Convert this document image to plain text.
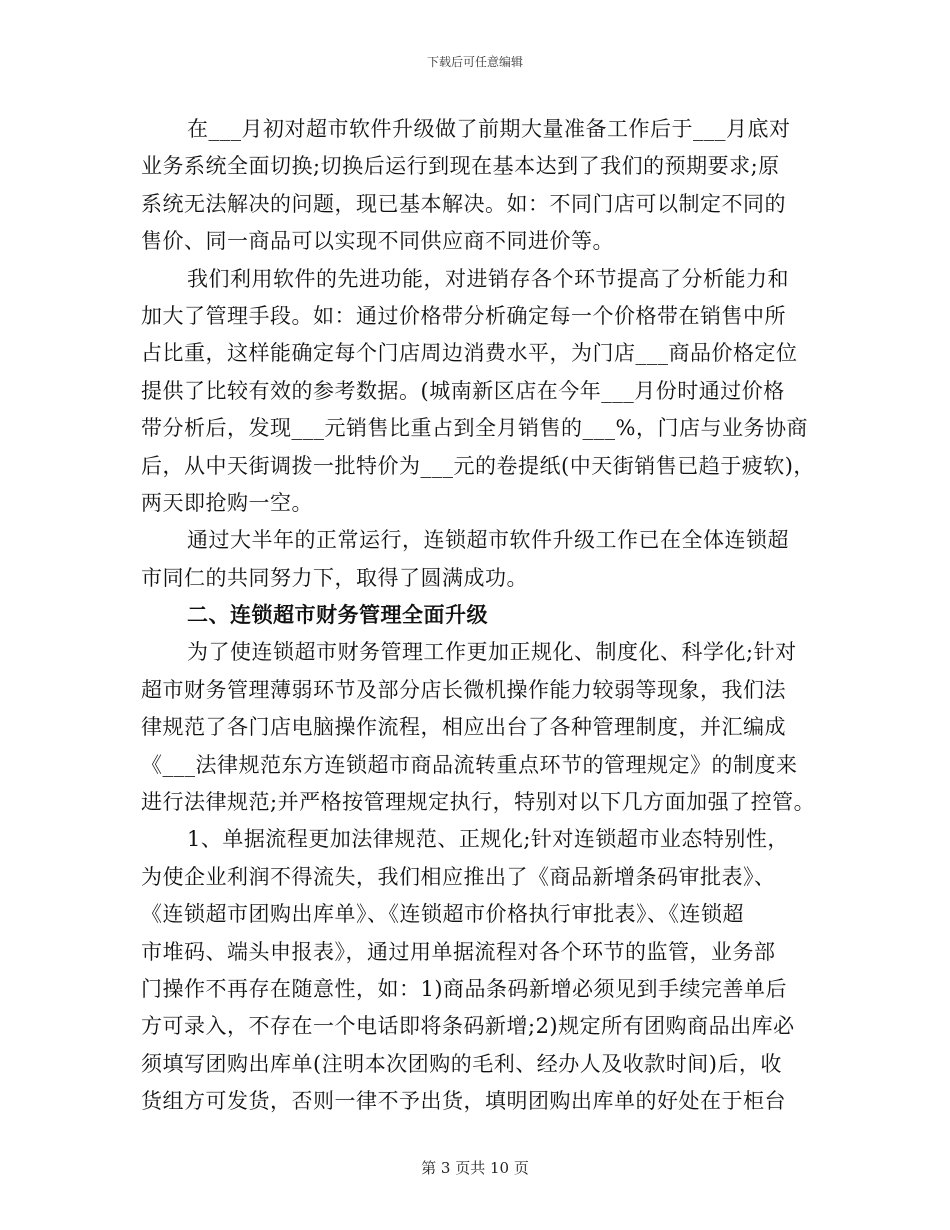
下载后可任意编辑
在___月初对超市软件升级做了前期大量准备工作后于___月底对
业务系统全面切换;切换后运行到现在基本达到了我们的预期要求;原
系统无法解决的问题，现已基本解决。如：不同门店可以制定不同的
售价、同一商品可以实现不同供应商不同进价等。
我们利用软件的先进功能，对进销存各个环节提高了分析能力和
加大了管理手段。如：通过价格带分析确定每一个价格带在销售中所
占比重，这样能确定每个门店周边消费水平，为门店___商品价格定位
提供了比较有效的参考数据。(城南新区店在今年___月份时通过价格
带分析后，发现___元销售比重占到全月销售的___%，门店与业务协商
后，从中天街调拨一批特价为___元的卷提纸(中天街销售已趋于疲软)，
两天即抢购一空。
通过大半年的正常运行，连锁超市软件升级工作已在全体连锁超
市同仁的共同努力下，取得了圆满成功。
二、连锁超市财务管理全面升级
为了使连锁超市财务管理工作更加正规化、制度化、科学化;针对
超市财务管理薄弱环节及部分店长微机操作能力较弱等现象，我们法
律规范了各门店电脑操作流程，相应出台了各种管理制度，并汇编成
《___法律规范东方连锁超市商品流转重点环节的管理规定》的制度来
进行法律规范;并严格按管理规定执行，特别对以下几方面加强了控管。
1、单据流程更加法律规范、正规化;针对连锁超市业态特别性，
为使企业利润不得流失，我们相应推出了《商品新增条码审批表》、
《连锁超市团购出库单》、《连锁超市价格执行审批表》、《连锁超
市堆码、端头申报表》，通过用单据流程对各个环节的监管，业务部
门操作不再存在随意性，如：1)商品条码新增必须见到手续完善单后
方可录入，不存在一个电话即将条码新增;2)规定所有团购商品出库必
须填写团购出库单(注明本次团购的毛利、经办人及收款时间)后，收
货组方可发货，否则一律不予出货，填明团购出库单的好处在于柜台
第 3 页共 10 页
